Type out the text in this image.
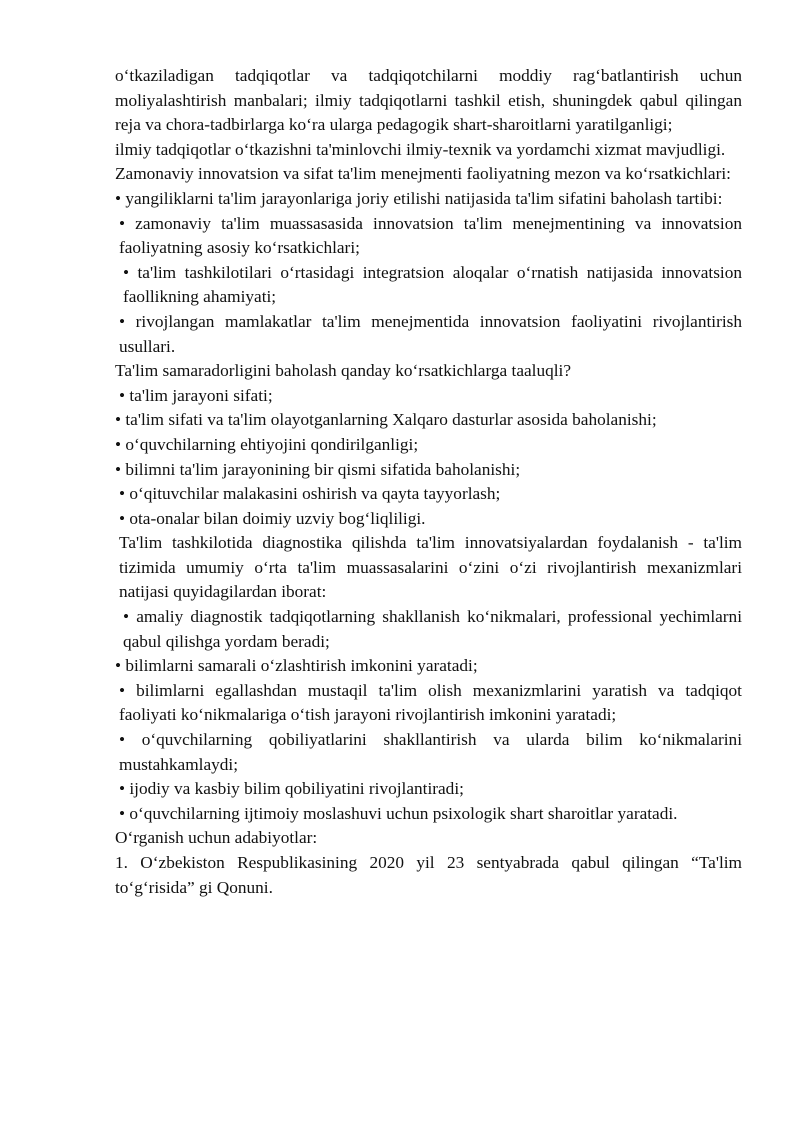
o‘tkaziladigan tadqiqotlar va tadqiqotchilarni moddiy rag‘batlantirish uchun moliyalashtirish manbalari; ilmiy tadqiqotlarni tashkil etish, shuningdek qabul qilingan reja va chora-tadbirlarga ko‘ra ularga pedagogik shart-sharoitlarni yaratilganligi;

ilmiy tadqiqotlar o‘tkazishni ta'minlovchi ilmiy-texnik va yordamchi xizmat mavjudligi.

Zamonaviy innovatsion va sifat ta'lim menejmenti faoliyatning mezon va ko‘rsatkichlari:

• yangiliklarni ta'lim jarayonlariga joriy etilishi natijasida ta'lim sifatini baholash tartibi:

• zamonaviy ta'lim muassasasida innovatsion ta'lim menejmentining va innovatsion faoliyatning asosiy ko‘rsatkichlari;

• ta'lim tashkilotilari o‘rtasidagi integratsion aloqalar o‘rnatish natijasida innovatsion faollikning ahamiyati;

• rivojlangan mamlakatlar ta'lim menejmentida innovatsion faoliyatini rivojlantirish usullari.

Ta'lim samaradorligini baholash qanday ko‘rsatkichlarga taaluqli?

• ta'lim jarayoni sifati;

• ta'lim sifati va ta'lim olayotganlarning Xalqaro dasturlar asosida baholanishi;

• o‘quvchilarning ehtiyojini qondirilganligi;

• bilimni ta'lim jarayonining bir qismi sifatida baholanishi;

• o‘qituvchilar malakasini oshirish va qayta tayyorlash;

• ota-onalar bilan doimiy uzviy bog‘liqliligi.

Ta'lim tashkilotida diagnostika qilishda ta'lim innovatsiyalardan foydalanish - ta'lim tizimida umumiy o‘rta ta'lim muassasalarini o‘zini o‘zi rivojlantirish mexanizmlari natijasi quyidagilardan iborat:

• amaliy diagnostik tadqiqotlarning shakllanish ko‘nikmalari, professional yechimlarni qabul qilishga yordam beradi;

• bilimlarni samarali o‘zlashtirish imkonini yaratadi;

• bilimlarni egallashdan mustaqil ta'lim olish mexanizmlarini yaratish va tadqiqot faoliyati ko‘nikmalariga o‘tish jarayoni rivojlantirish imkonini yaratadi;

• o‘quvchilarning qobiliyatlarini shakllantirish va ularda bilim ko‘nikmalarini mustahkamlaydi;

• ijodiy va kasbiy bilim qobiliyatini rivojlantiradi;

• o‘quvchilarning ijtimoiy moslashuvi uchun psixologik shart sharoitlar yaratadi.

O‘rganish uchun adabiyotlar:

1. O‘zbekiston Respublikasining 2020 yil 23 sentyabrada qabul qilingan “Ta'lim to‘g‘risida” gi Qonuni.
